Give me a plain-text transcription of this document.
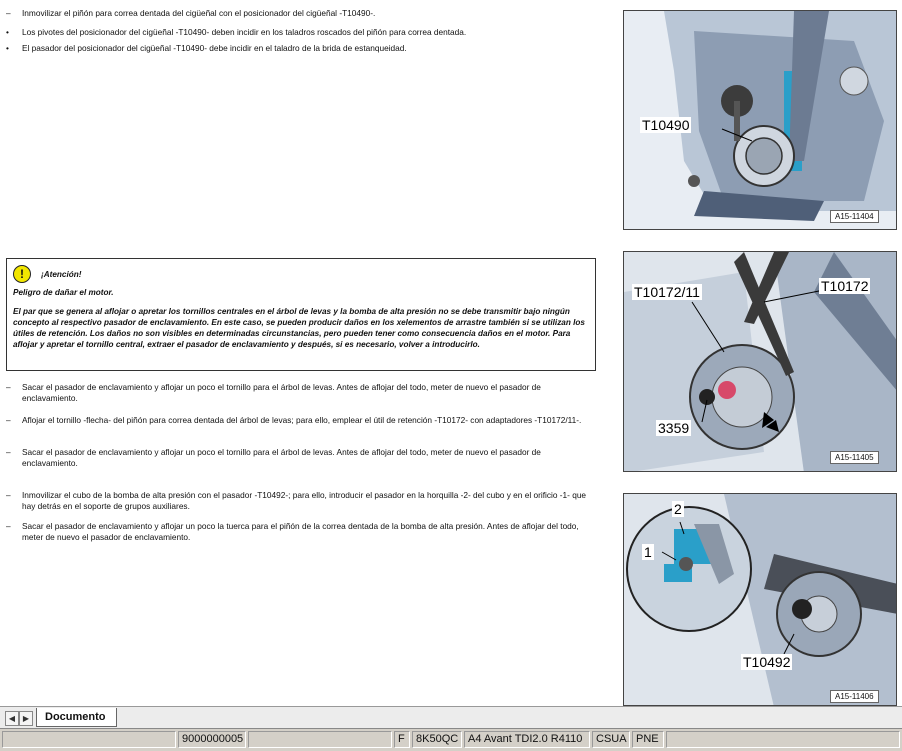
–	Inmovilizar el piñón para correa dentada del cigüeñal con el posicionador del cigüeñal -T10490-.
•	Los pivotes del posicionador del cigüeñal -T10490- deben incidir en los taladros roscados del piñón para correa dentada.
•	El pasador del posicionador del cigüeñal -T10490- debe incidir en el taladro de la brida de estanqueidad.
!	¡Atención!
Peligro de dañar el motor.
El par que se genera al aflojar o apretar los tornillos centrales en el árbol de levas y la bomba de alta presión no se debe transmitir bajo ningún concepto al respectivo pasador de enclavamiento. En este caso, se pueden producir daños en los xelementos de arrastre también si se utilizan los útiles de retención. Los daños no son visibles en determinadas circunstancias, pero pueden tener como consecuencia daños en el motor. Para aflojar y apretar el tornillo central, extraer el pasador de enclavamiento y después, si es necesario, volver a introducirlo.
–	Sacar el pasador de enclavamiento y aflojar un poco el tornillo para el árbol de levas. Antes de aflojar del todo, meter de nuevo el pasador de enclavamiento.
–	Aflojar el tornillo -flecha- del piñón para correa dentada del árbol de levas; para ello, emplear el útil de retención -T10172- con adaptadores -T10172/11-.
–	Sacar el pasador de enclavamiento y aflojar un poco el tornillo para el árbol de levas. Antes de aflojar del todo, meter de nuevo el pasador de enclavamiento.
–	Inmovilizar el cubo de la bomba de alta presión con el pasador -T10492-; para ello, introducir el pasador en la horquilla -2- del cubo y en el orificio -1- que hay detrás en el soporte de grupos auxiliares.
–	Sacar el pasador de enclavamiento y aflojar un poco la tuerca para el piñón de la correa dentada de la bomba de alta presión. Antes de aflojar del todo, meter de nuevo el pasador de enclavamiento.
T10490
A15-11404
T10172/11	T10172
3359
A15-11405
2
1
T10492
A15-11406
◀ ▶	Documento
9000000005	F	8K50QC A4 Avant TDI2.0 R4110	CSUA PNE
